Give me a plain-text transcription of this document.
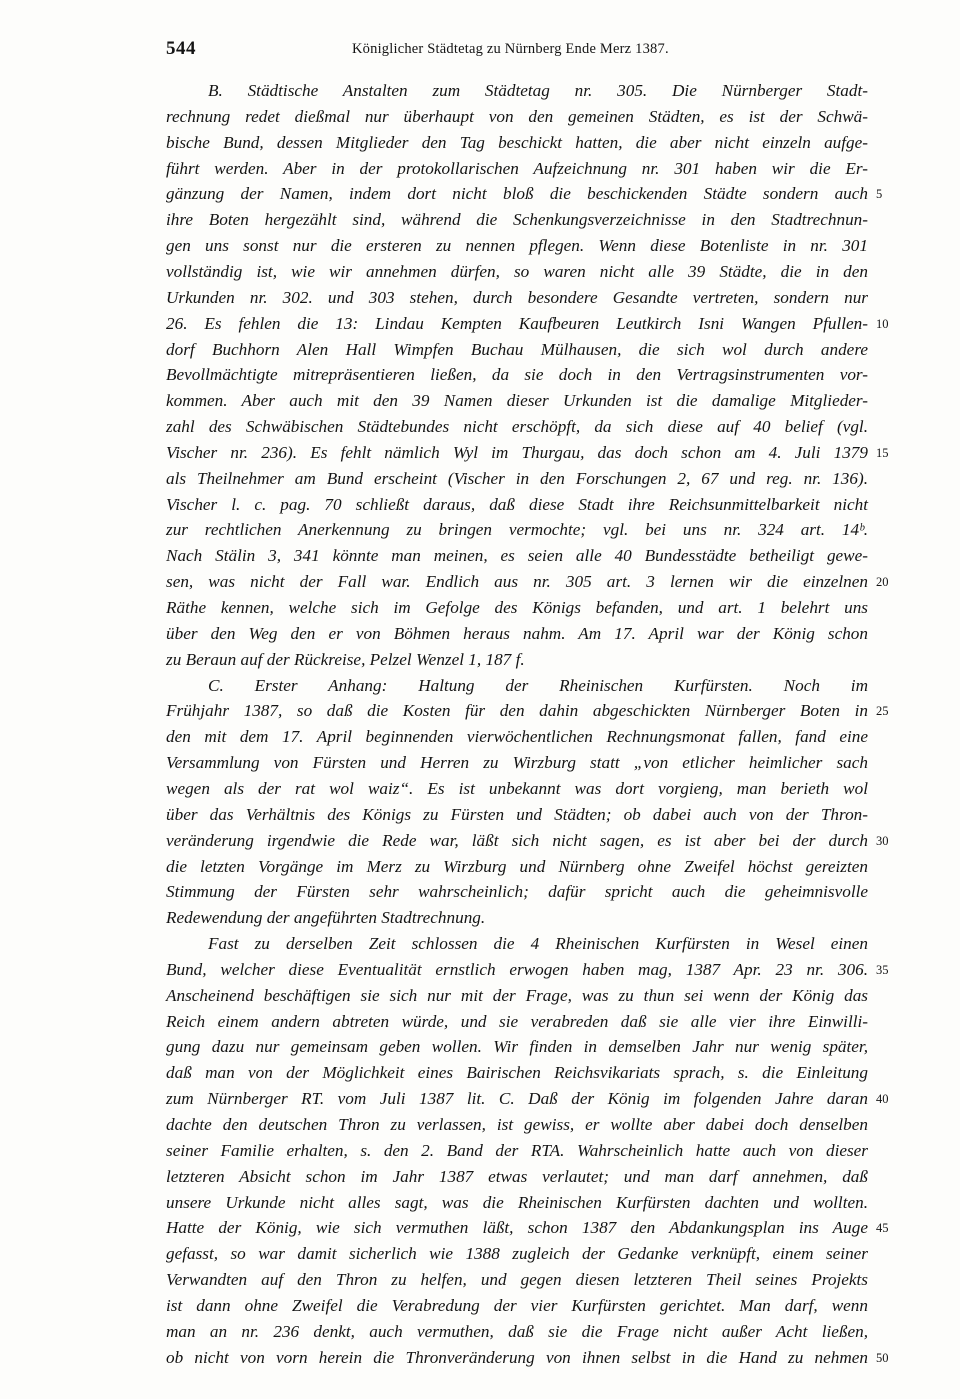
544	Königlicher Städtetag zu Nürnberg Ende Merz 1387.
B. Städtische Anstalten zum Städtetag nr. 305. Die Nürnberger Stadt-
rechnung redet dießmal nur überhaupt von den gemeinen Städten, es ist der Schwä-
bische Bund, dessen Mitglieder den Tag beschickt hatten, die aber nicht einzeln aufge-
führt werden. Aber in der protokollarischen Aufzeichnung nr. 301 haben wir die Er-
gänzung der Namen, indem dort nicht bloß die beschickenden Städte sondern auch 5
ihre Boten hergezählt sind, während die Schenkungsverzeichnisse in den Stadtrechnun-
gen uns sonst nur die ersteren zu nennen pflegen. Wenn diese Botenliste in nr. 301
vollständig ist, wie wir annehmen dürfen, so waren nicht alle 39 Städte, die in den
Urkunden nr. 302. und 303 stehen, durch besondere Gesandte vertreten, sondern nur
26. Es fehlen die 13: Lindau Kempten Kaufbeuren Leutkirch Isni Wangen Pfullen- 10
dorf Buchhorn Alen Hall Wimpfen Buchau Mülhausen, die sich wol durch andere
Bevollmächtigte mitrepräsentieren ließen, da sie doch in den Vertragsinstrumenten vor-
kommen. Aber auch mit den 39 Namen dieser Urkunden ist die damalige Mitglieder-
zahl des Schwäbischen Städtebundes nicht erschöpft, da sich diese auf 40 belief (vgl.
Vischer nr. 236). Es fehlt nämlich Wyl im Thurgau, das doch schon am 4. Juli 1379 15
als Theilnehmer am Bund erscheint (Vischer in den Forschungen 2, 67 und reg. nr. 136).
Vischer l. c. pag. 70 schließt daraus, daß diese Stadt ihre Reichsunmittelbarkeit nicht
zur rechtlichen Anerkennung zu bringen vermochte; vgl. bei uns nr. 324 art. 14ᵇ.
Nach Stälin 3, 341 könnte man meinen, es seien alle 40 Bundesstädte betheiligt gewe-
sen, was nicht der Fall war. Endlich aus nr. 305 art. 3 lernen wir die einzelnen 20
Räthe kennen, welche sich im Gefolge des Königs befanden, und art. 1 belehrt uns
über den Weg den er von Böhmen heraus nahm. Am 17. April war der König schon
zu Beraun auf der Rückreise, Pelzel Wenzel 1, 187 f.
C. Erster Anhang: Haltung der Rheinischen Kurfürsten. Noch im
Frühjahr 1387, so daß die Kosten für den dahin abgeschickten Nürnberger Boten in 25
den mit dem 17. April beginnenden vierwöchentlichen Rechnungsmonat fallen, fand eine
Versammlung von Fürsten und Herren zu Wirzburg statt „von etlicher heimlicher sach
wegen als der rat wol waiz“. Es ist unbekannt was dort vorgieng, man berieth wol
über das Verhältnis des Königs zu Fürsten und Städten; ob dabei auch von der Thron-
veränderung irgendwie die Rede war, läßt sich nicht sagen, es ist aber bei der durch 30
die letzten Vorgänge im Merz zu Wirzburg und Nürnberg ohne Zweifel höchst gereizten
Stimmung der Fürsten sehr wahrscheinlich; dafür spricht auch die geheimnisvolle
Redewendung der angeführten Stadtrechnung.
Fast zu derselben Zeit schlossen die 4 Rheinischen Kurfürsten in Wesel einen
Bund, welcher diese Eventualität ernstlich erwogen haben mag, 1387 Apr. 23 nr. 306. 35
Anscheinend beschäftigen sie sich nur mit der Frage, was zu thun sei wenn der König das
Reich einem andern abtreten würde, und sie verabreden daß sie alle vier ihre Einwilli-
gung dazu nur gemeinsam geben wollen. Wir finden in demselben Jahr nur wenig später,
daß man von der Möglichkeit eines Bairischen Reichsvikariats sprach, s. die Einleitung
zum Nürnberger RT. vom Juli 1387 lit. C. Daß der König im folgenden Jahre daran 40
dachte den deutschen Thron zu verlassen, ist gewiss, er wollte aber dabei doch denselben
seiner Familie erhalten, s. den 2. Band der RTA. Wahrscheinlich hatte auch von dieser
letzteren Absicht schon im Jahr 1387 etwas verlautet; und man darf annehmen, daß
unsere Urkunde nicht alles sagt, was die Rheinischen Kurfürsten dachten und wollten.
Hatte der König, wie sich vermuthen läßt, schon 1387 den Abdankungsplan ins Auge 45
gefasst, so war damit sicherlich wie 1388 zugleich der Gedanke verknüpft, einem seiner
Verwandten auf den Thron zu helfen, und gegen diesen letzteren Theil seines Projekts
ist dann ohne Zweifel die Verabredung der vier Kurfürsten gerichtet. Man darf, wenn
man an nr. 236 denkt, auch vermuthen, daß sie die Frage nicht außer Acht ließen,
ob nicht von vorn herein die Thronveränderung von ihnen selbst in die Hand zu nehmen 50
